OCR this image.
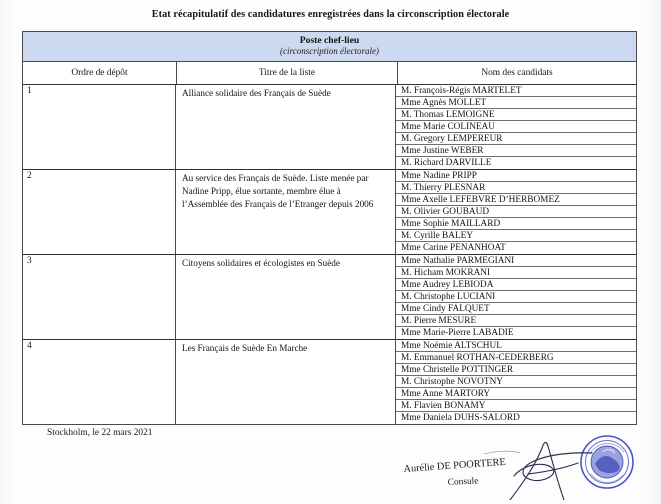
Etat récapitulatif des candidatures enregistrées dans la circonscription électorale
Poste chef-lieu
(circonscription électorale)
Ordre de dépôt	Titre de la liste	Nom des candidats
1	Alliance solidaire des Français de Suède	M. François-Régis MARTELET
Mme Agnès MOLLET
M. Thomas LEMOIGNE
Mme Marie COLINEAU
M. Gregory LEMPEREUR
Mme Justine WEBER
M. Richard DARVILLE
2	Au service des Français de Suède. Liste menée par Nadine Pripp, élue sortante, membre élue à l’Assemblée des Français de l’Etranger depuis 2006
Mme Nadine PRIPP
M. Thierry PLESNAR
Mme Axelle LEFEBVRE D’HERBOMEZ
M. Olivier GOUBAUD
Mme Sophie MAILLARD
M. Cyrille BALEY
Mme Carine PENANHOAT
3	Citoyens solidaires et écologistes en Suède	Mme Nathalie PARMEGIANI
M. Hicham MOKRANI
Mme Audrey LEBIODA
M. Christophe LUCIANI
Mme Cindy FALQUET
M. Pierre MESURE
Mme Marie-Pierre LABADIE
4	Les Français de Suède En Marche	Mme Noémie ALTSCHUL
M. Emmanuel ROTHAN-CEDERBERG
Mme Christelle POTTINGER
M. Christophe NOVOTNY
Mme Anne MARTORY
M. Flavien BONAMY
Mme Daniela DUHS-SALORD
Stockholm, le 22 mars 2021
Aurélie DE POORTERE
Consule
